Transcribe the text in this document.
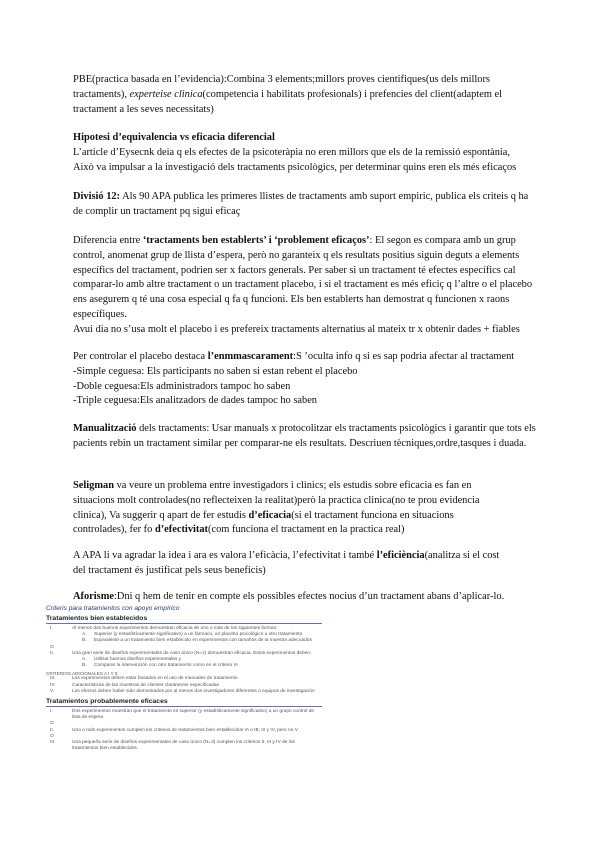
PBE(practica basada en l’evidencia):Combina 3 elements;millors proves cientifiques(us dels millors
tractaments), experteise clinica(competencia i habilitats profesionals) i prefencies del client(adaptem el
tractament a les seves necessitats)
Hipotesi d’equivalencia vs eficacia diferencial
L’article d’Eysecnk deia q els efectes de la psicoteràpia no eren millors que els de la remissió espontània,
Això va impulsar a la investigació dels tractaments psicològics, per determinar quins eren els més eficaços
Divisió 12: Als 90 APA publica les primeres llistes de tractaments amb suport empiric, publica els criteis q ha
de complir un tractament pq sigui eficaç
Diferencia entre ‘tractaments ben establerts’ i ‘problement eficaços’: El segon es compara amb un grup
control, anomenat grup de llista d’espera, però no garanteix q els resultats positius siguin deguts a elements
específics del tractament, podrien ser x factors generals. Per saber si un tractament té efectes específics cal
comparar-lo amb altre tractament o un tractament placebo, i si el tractament es més eficiç q l’altre o el placebo
ens asegurem q té una cosa especial q fa q funcioni. Els ben establerts han demostrat q funcionen x raons
específiques.
Avui dia no s’usa molt el placebo i es prefereix tractaments alternatius al mateix tr x obtenir dades + fiables
Per controlar el placebo destaca l’enmmascarament:S ’oculta info q si es sap podria afectar al tractament
-Simple ceguesa: Els participants no saben si estan rebent el placebo
-Doble ceguesa:Els administradors tampoc ho saben
-Triple ceguesa:Els analitzadors de dades tampoc ho saben
Manualització dels tractaments: Usar manuals x protocolitzar els tractaments psicològics i garantir que tots els
pacients rebin un tractament similar per comparar-ne els resultats. Descriuen tècniques,ordre,tasques i duada.
Seligman va veure un problema entre investigadors i clinics; els estudis sobre eficacia es fan en
situacions molt controlades(no reflecteixen la realitat)però la practica clinica(no te prou evidencia
clinica), Va suggerir q apart de fer estudis d’eficacia(si el tractament funciona en situacions
controlades), fer fo d’efectivitat(com funciona el tractament en la practica real)
A APA li va agradar la idea i ara es valora l’eficàcia, l’efectivitat i també l’eficiència(analitza si el cost
del tractament és justificat pels seus beneficis)
Aforisme:Dni q hem de tenir en compte els possibles efectes nocius d’un tractament abans d’aplicar-lo.
Criteris para tratamientos con apoyo empírico
Tratamientos bien establecidos
I.	Al menos dos buenos experimentos demuestran eficacia de uno o más de los siguientes formas:
A.	Superior (y estadísticamente significativo) a un fármaco, un placebo psicológico u otro tratamiento
B.	Equivalente a un tratamiento bien establecido en experimentos con tamaños de la muestra adecuados
O
II.	Una gran serie de diseños experimentales de caso único (N=1) demuestran eficacia. Estos experimentos deben:
A.	Utilizar buenos diseños experimentales y
B.	Comparar la intervención con otro tratamiento como en el criterio IA
CRITERIOS ADICIONALES A I Y II:
III.	Los experimentos deben estar basados en el uso de manuales de tratamiento
IV.	Características de las muestras de clientes claramente especificadas
V.	Los efectos deben haber sido demostrados por al menos dos investigadores diferentes o equipos de investigación
Tratamientos probablemente eficaces
I.	Dos experimentos muestran que el tratamiento es superior (y estadísticamente significativo) a un grupo control de lista de espera
O
II.	Uno o más experimentos cumplen los criterios de tratamientos bien establecidos IA o IB, III y IV, pero no V
O
III.	Una pequeña serie de diseños experimentales de caso único (N=3) cumplen los criterios II, III y IV de los tratamientos bien establecidos.
